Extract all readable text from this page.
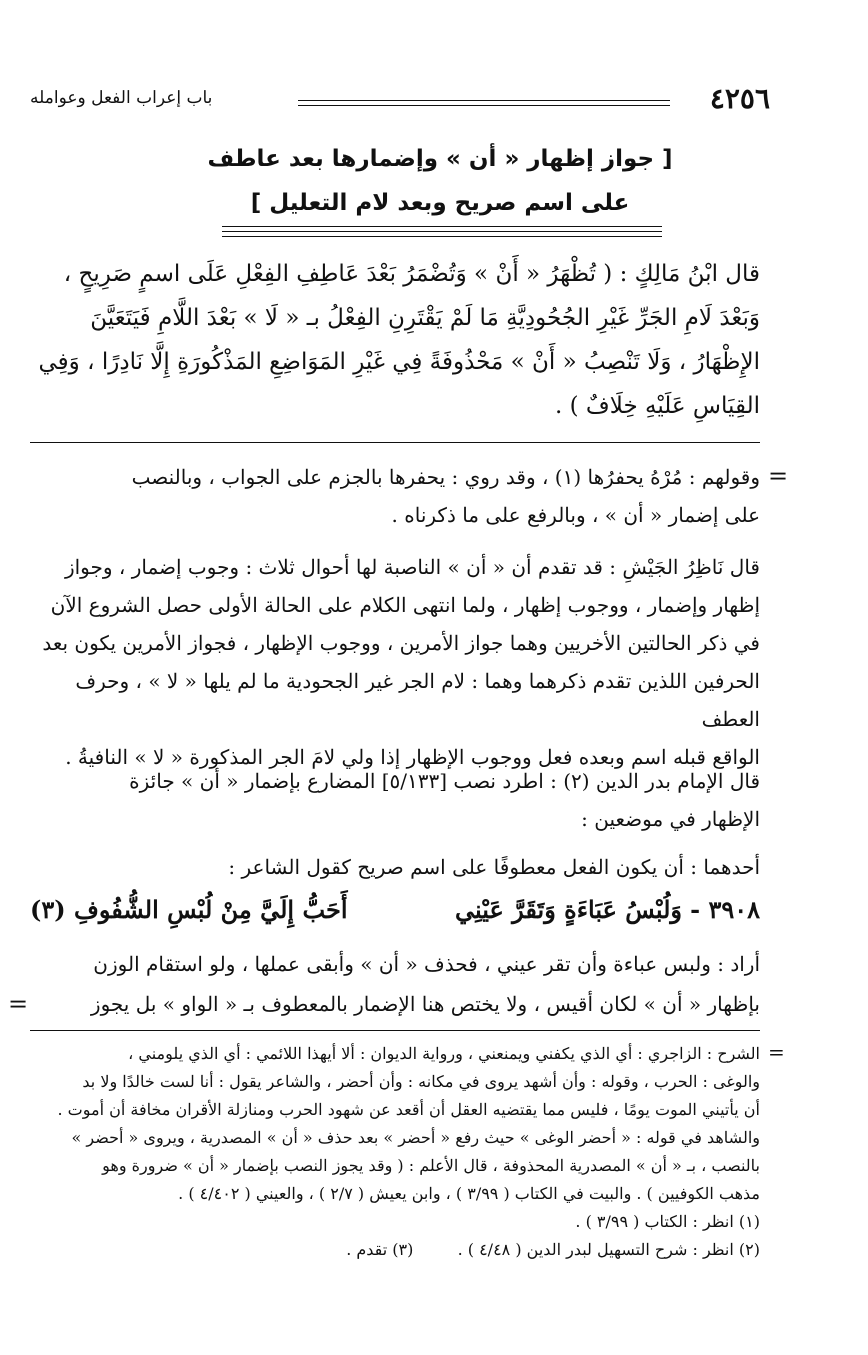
٤٢٥٦
باب إعراب الفعل وعوامله
[ جواز إظهار « أن » وإضمارها بعد عاطف
على اسم صريح وبعد لام التعليل ]
قال ابْنُ مَالِكٍ : ( تُظْهَرُ « أَنْ » وَتُضْمَرُ بَعْدَ عَاطِفِ الفِعْلِ عَلَى اسمٍ صَرِيحٍ ،
وَبَعْدَ لَامِ الجَرِّ غَيْرِ الجُحُودِيَّةِ مَا لَمْ يَقْتَرِنِ الفِعْلُ بـ « لَا » بَعْدَ اللَّامِ فَيَتَعَيَّنَ
الإِظْهَارُ ، وَلَا تَنْصِبُ « أَنْ » مَحْذُوفَةً فِي غَيْرِ المَوَاضِعِ المَذْكُورَةِ إِلَّا نَادِرًا ، وَفِي
القِيَاسِ عَلَيْهِ خِلَافٌ ) .
=
وقولهم : مُرْهُ يحفرُها (١) ، وقد روي : يحفرها بالجزم على الجواب ، وبالنصب
على إضمار « أن » ، وبالرفع على ما ذكرناه .
قال نَاظِرُ الجَيْشِ : قد تقدم أن « أن » الناصبة لها أحوال ثلاث : وجوب إضمار ، وجواز
إظهار وإضمار ، ووجوب إظهار ، ولما انتهى الكلام على الحالة الأولى حصل الشروع الآن
في ذكر الحالتين الأخريين وهما جواز الأمرين ، ووجوب الإظهار ، فجواز الأمرين يكون بعد
الحرفين اللذين تقدم ذكرهما وهما : لام الجر غير الجحودية ما لم يلها « لا » ، وحرف العطف
الواقع قبله اسم وبعده فعل ووجوب الإظهار إذا ولي لامَ الجر المذكورة « لا » النافيةُ .
قال الإمام بدر الدين (٢) : اطرد نصب [٥/١٣٣] المضارع بإضمار « أن » جائزة
الإظهار في موضعين :
أحدهما : أن يكون الفعل معطوفًا على اسم صريح كقول الشاعر :
٣٩٠٨ -
وَلُبْسُ عَبَاءَةٍ وَتَقَرَّ عَيْنِي
أَحَبُّ إِلَيَّ مِنْ لُبْسِ الشُّفُوفِ (٣)
أراد : ولبس عباءة وأن تقر عيني ، فحذف « أن » وأبقى عملها ، ولو استقام الوزن
بإظهار « أن » لكان أقيس ، ولا يختص هنا الإضمار بالمعطوف بـ « الواو » بل يجوز
=
=
الشرح : الزاجري : أي الذي يكفني ويمنعني ، ورواية الديوان : ألا أيهذا اللائمي : أي الذي يلومني ،
والوغى : الحرب ، وقوله : وأن أشهد يروى في مكانه : وأن أحضر ، والشاعر يقول : أنا لست خالدًا ولا بد
أن يأتيني الموت يومًا ، فليس مما يقتضيه العقل أن أقعد عن شهود الحرب ومنازلة الأقران مخافة أن أموت .
والشاهد في قوله : « أحضر الوغى » حيث رفع « أحضر » بعد حذف « أن » المصدرية ، ويروى « أحضر »
بالنصب ، بـ « أن » المصدرية المحذوفة ، قال الأعلم : ( وقد يجوز النصب بإضمار « أن » ضرورة وهو
مذهب الكوفيين ) . والبيت في الكتاب ( ٣/٩٩ ) ، وابن يعيش ( ٢/٧ ) ، والعيني ( ٤/٤٠٢ ) .
(١) انظر : الكتاب ( ٣/٩٩ ) .
(٢) انظر : شرح التسهيل لبدر الدين ( ٤/٤٨ ) .  (٣) تقدم .
